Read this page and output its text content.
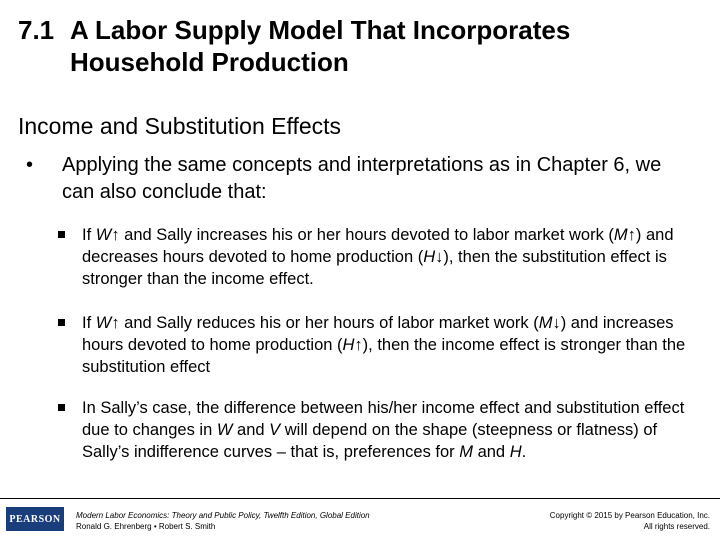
7.1 A Labor Supply Model That Incorporates
Household Production
Income and Substitution Effects
•	Applying the same concepts and interpretations as in Chapter 6, we can also conclude that:
If W↑ and Sally increases his or her hours devoted to labor market work (M↑) and decreases hours devoted to home production (H↓), then the substitution effect is stronger than the income effect.
If W↑ and Sally reduces his or her hours of labor market work (M↓) and increases hours devoted to home production (H↑), then the income effect is stronger than the substitution effect
In Sally’s case, the difference between his/her income effect and substitution effect due to changes in W and V will depend on the shape (steepness or flatness) of Sally’s indifference curves – that is, preferences for M and H.
PEARSON	Modern Labor Economics: Theory and Public Policy, Twelfth Edition, Global Edition
Ronald G. Ehrenberg • Robert S. Smith
Copyright © 2015 by Pearson Education, Inc.
All rights reserved.
